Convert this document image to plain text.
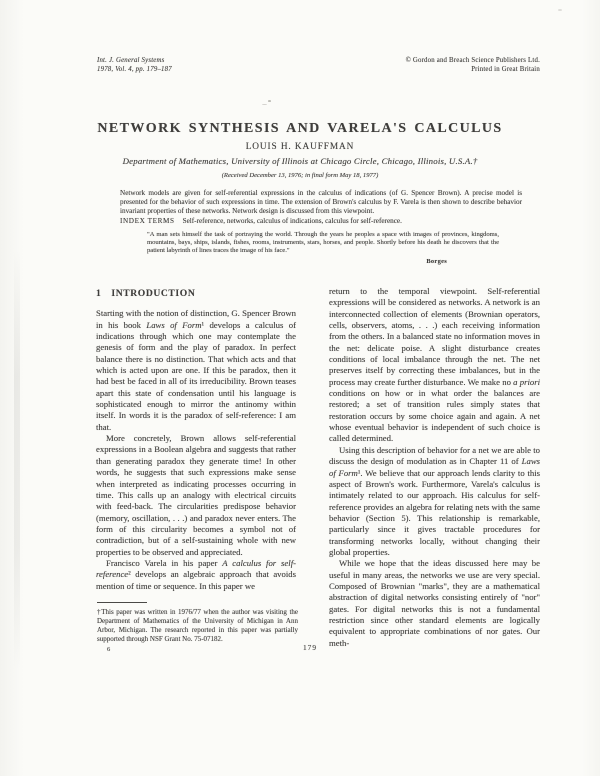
Int. J. General Systems
1978, Vol. 4, pp. 179–187
© Gordon and Breach Science Publishers Ltd.
Printed in Great Britain
NETWORK SYNTHESIS AND VARELA'S CALCULUS
LOUIS H. KAUFFMAN
Department of Mathematics, University of Illinois at Chicago Circle, Chicago, Illinois, U.S.A.†
(Received December 13, 1976; in final form May 18, 1977)
Network models are given for self-referential expressions in the calculus of indications (of G. Spencer Brown). A precise model is presented for the behavior of such expressions in time. The extension of Brown's calculus by F. Varela is then shown to describe behavior invariant properties of these networks. Network design is discussed from this viewpoint.
INDEX TERMS Self-reference, networks, calculus of indications, calculus for self-reference.
"A man sets himself the task of portraying the world. Through the years he peoples a space with images of provinces, kingdoms, mountains, bays, ships, islands, fishes, rooms, instruments, stars, horses, and people. Shortly before his death he discovers that the patient labyrinth of lines traces the image of his face."
Borges
1 INTRODUCTION

Starting with the notion of distinction, G. Spencer Brown in his book Laws of Form¹ develops a calculus of indications through which one may contemplate the genesis of form and the play of paradox. In perfect balance there is no distinction. That which acts and that which is acted upon are one. If this be paradox, then it had best be faced in all of its irreducibility. Brown teases apart this state of condensation until his language is sophisticated enough to mirror the antinomy within itself. In words it is the paradox of self-reference: I am that.

More concretely, Brown allows self-referential expressions in a Boolean algebra and suggests that rather than generating paradox they generate time! In other words, he suggests that such expressions make sense when interpreted as indicating processes occurring in time. This calls up an analogy with electrical circuits with feed-back. The circularities predispose behavior (memory, oscillation, . . .) and paradox never enters. The form of this circularity becomes a symbol not of contradiction, but of a self-sustaining whole with new properties to be observed and appreciated.

Francisco Varela in his paper A calculus for self-reference² develops an algebraic approach that avoids mention of time or sequence. In this paper we

return to the temporal viewpoint. Self-referential expressions will be considered as networks. A network is an interconnected collection of elements (Brownian operators, cells, observers, atoms, . . .) each receiving information from the others. In a balanced state no information moves in the net: delicate poise. A slight disturbance creates conditions of local imbalance through the net. The net preserves itself by correcting these imbalances, but in the process may create further disturbance. We make no a priori conditions on how or in what order the balances are restored; a set of transition rules simply states that restoration occurs by some choice again and again. A net whose eventual behavior is independent of such choice is called determined.

Using this description of behavior for a net we are able to discuss the design of modulation as in Chapter 11 of Laws of Form¹. We believe that our approach lends clarity to this aspect of Brown's work. Furthermore, Varela's calculus is intimately related to our approach. His calculus for self-reference provides an algebra for relating nets with the same behavior (Section 5). This relationship is remarkable, particularly since it gives tractable procedures for transforming networks locally, without changing their global properties.

While we hope that the ideas discussed here may be useful in many areas, the networks we use are very special. Composed of Brownian "marks", they are a mathematical abstraction of digital networks consisting entirely of "nor" gates. For digital networks this is not a fundamental restriction since other standard elements are logically equivalent to appropriate combinations of nor gates. Our meth-

†This paper was written in 1976/77 when the author was visiting the Department of Mathematics of the University of Michigan in Ann Arbor, Michigan. The research reported in this paper was partially supported through NSF Grant No. 75-07182.
6	179
